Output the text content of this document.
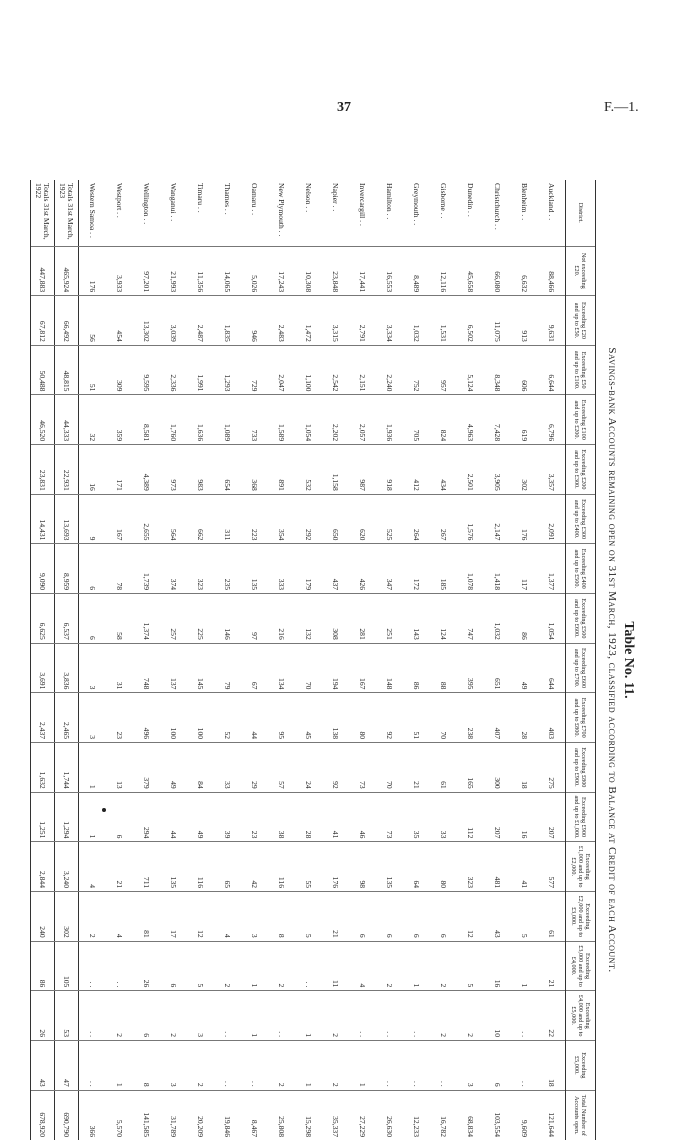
37	F.—1.
Table No. 11.
Savings-bank Accounts remaining open on 31st March, 1923, classified according to Balance at Credit of each Account.
District.	Not exceeding £20.	Exceeding £20 and up to £50.	Exceeding £50 and up to £100.	Exceeding £100 and up to £200.	Exceeding £200 and up to £300.	Exceeding £300 and up to £400.	Exceeding £400 and up to £500.	Exceeding £500 and up to £600.	Exceeding £600 and up to £700.	Exceeding £700 and up to £800.	Exceeding £800 and up to £900.	Exceeding £900 and up to £1,000.	Exceeding £1,000 and up to £2,000.	Exceeding £2,000 and up to £3,000.	Exceeding £3,000 and up to £4,000.	Exceeding £4,000 and up to £5,000.	Exceeding £5,000.	Total Number of Accounts open.
Auckland . .	88,466	9,631	6,644	6,796	3,357	2,091	1,377	1,054	644	403	275	207	577	61	21	22	18	121,644
Blenheim . .	6,632	913	606	619	302	176	117	86	49	28	18	16	41	5	1	. .	. .	9,609
Christchurch . .	66,080	11,075	8,348	7,428	3,905	2,147	1,418	1,032	651	407	300	207	481	43	16	10	6	103,554
Dunedin . .	45,658	6,502	5,124	4,963	2,501	1,576	1,078	747	395	238	165	112	323	12	5	2	3	68,834
Gisborne . .	12,116	1,531	957	824	434	267	185	124	88	70	61	33	80	6	2	2	. .	16,782
Greymouth . .	8,489	1,032	752	705	412	264	172	143	86	51	21	35	64	6	1	. .	. .	12,233
Hamilton . .	16,553	3,334	2,240	1,936	918	525	347	251	148	92	70	73	135	6	2	. .	. .	26,630
Invercargill . .	17,441	2,791	2,151	2,057	987	620	426	281	167	80	73	46	98	6	4	. .	1	27,229
Napier . .	23,848	3,315	2,542	2,202	1,158	650	437	308	194	138	92	41	176	21	11	2	2	35,337
Nelson . .	10,308	1,472	1,100	1,054	532	292	179	132	70	45	24	28	55	5	. .	1	1	15,298
New Plymouth . .	17,243	2,483	2,047	1,589	891	354	333	216	134	95	57	38	116	8	2	. .	2	25,808
Oamaru . .	5,026	946	729	733	368	223	135	97	67	44	29	23	42	3	1	1	. .	8,467
Thames . .	14,065	1,835	1,293	1,089	654	311	235	146	79	52	33	39	65	4	2	. .	. .	19,846
Timaru . .	11,356	2,487	1,991	1,636	983	662	323	225	145	100	84	49	116	12	5	3	2	20,209
Wanganui . .	21,993	3,039	2,336	1,760	973	564	374	257	137	100	49	44	135	17	6	2	3	31,789
Wellington . .	97,201	13,302	9,595	8,581	4,389	2,655	1,739	1,374	748	496	379	294	711	81	26	6	8	141,585
Westport . .	3,933	454	309	359	171	167	78	58	31	23	13	6	21	4	. .	2	1	5,570
Western Samoa . .	176	56	51	32	16	9	6	6	3	3	1	1	4	2	. .	. .	. .	366
Totals 31st March, 1923	465,924	66,492	48,815	44,333	22,931	13,693	8,959	6,537	3,836	2,465	1,744	1,294	3,240	302	105	53	47	690,790
Totals 31st March, 1922	447,883	67,812	50,488	46,520	23,831	14,431	9,090	6,625	3,691	2,437	1,632	1,251	2,844	240	86	26	43	678,920
